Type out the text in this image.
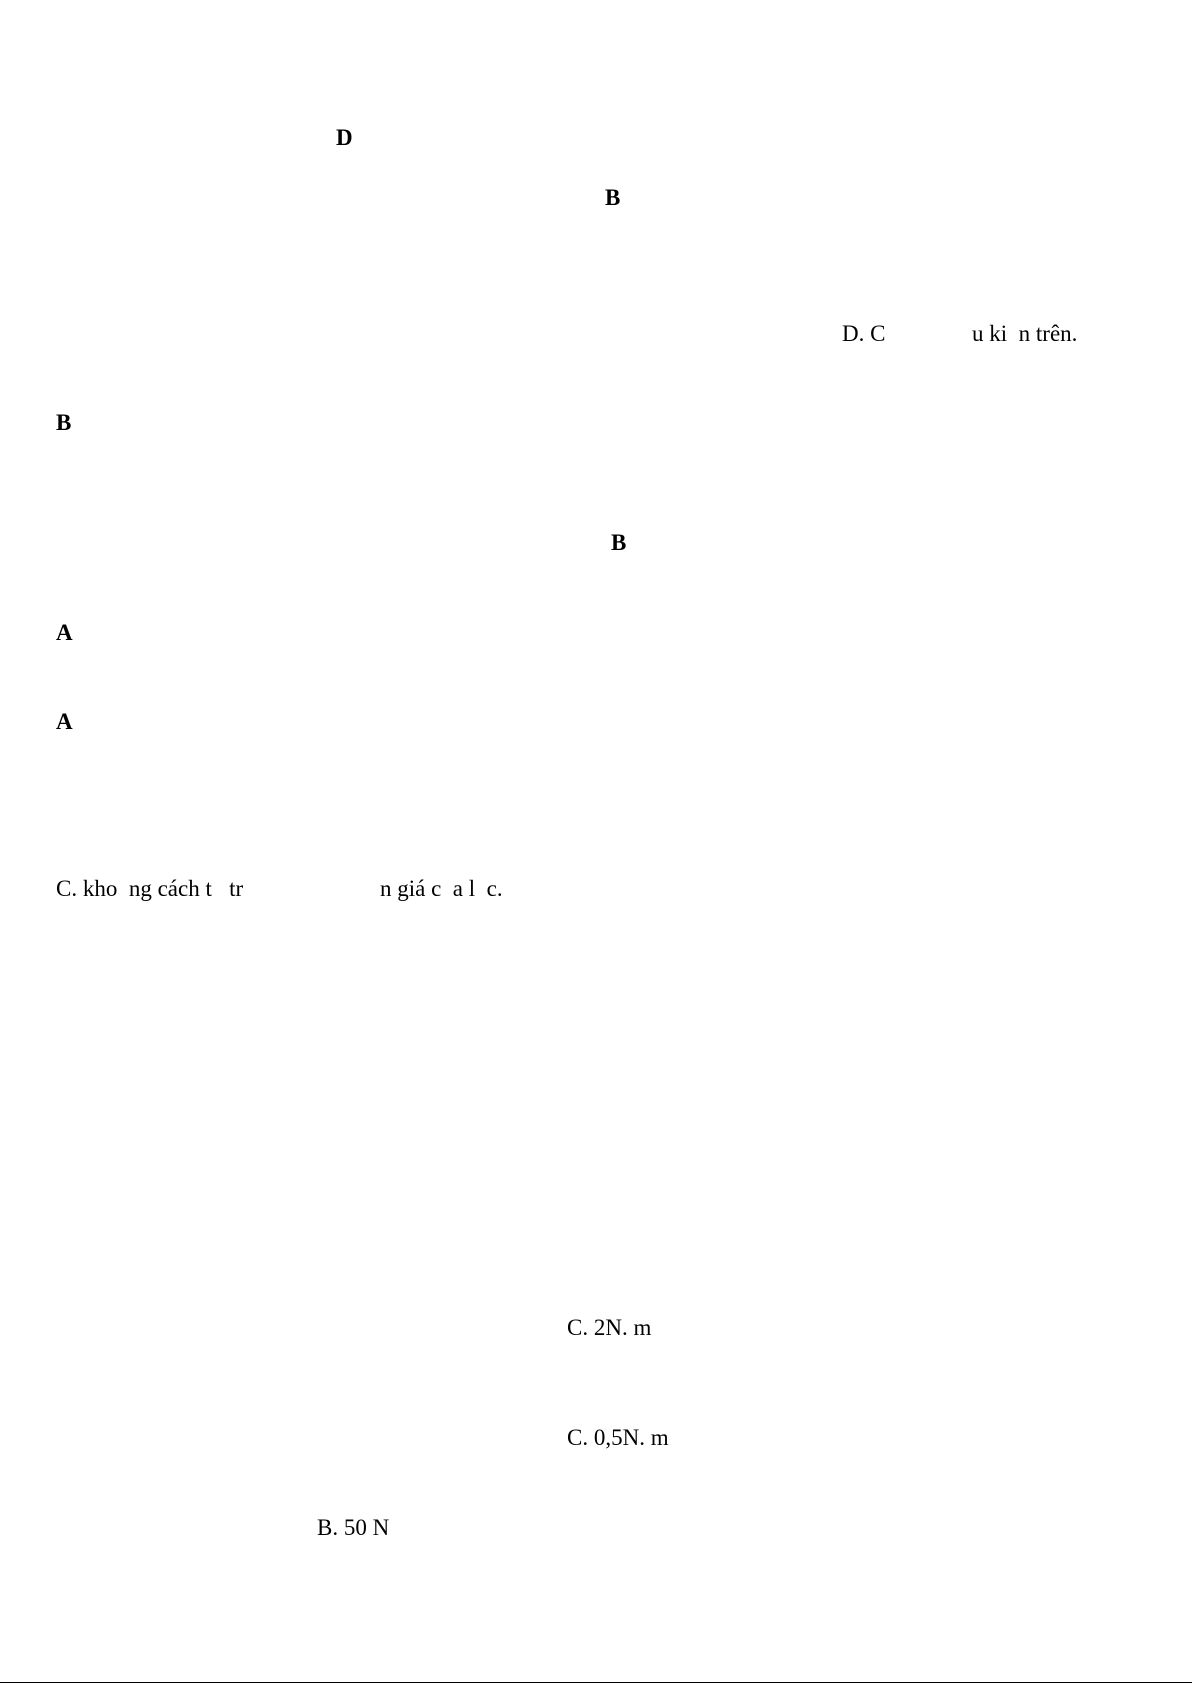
D
B
D. C	u ki  n trên.
B
B
A
A
C. kho  ng cách t   tr	n giá c  a l  c.
C. 2N. m
C. 0,5N. m
B. 50 N
